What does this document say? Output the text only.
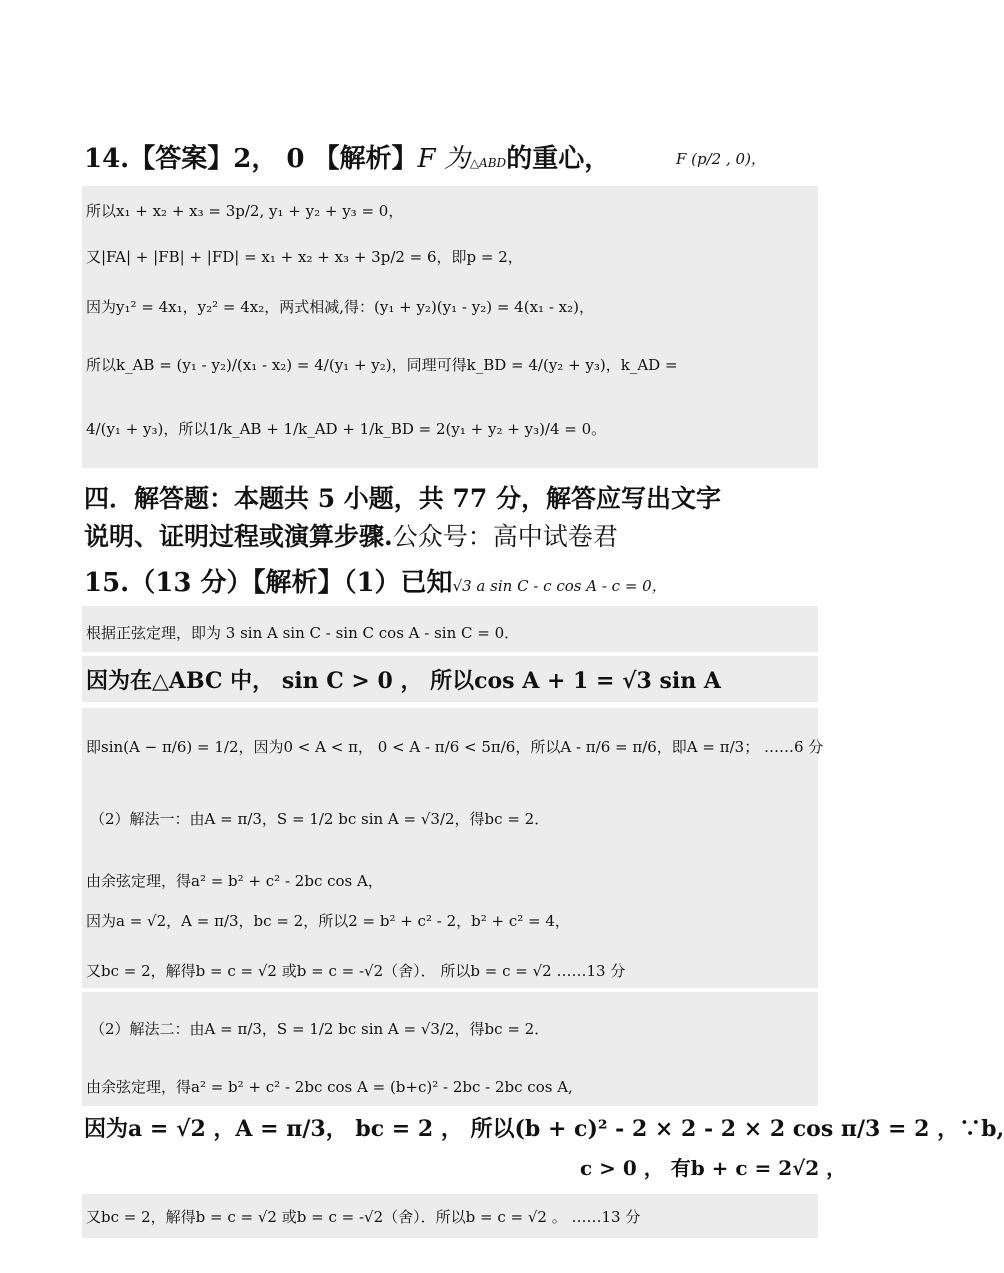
14.【答案】2， 0 【解析】F 为△ABD的重心，	F (p/2 , 0)，
所以x₁ + x₂ + x₃ = 3p/2, y₁ + y₂ + y₃ = 0，
又|FA| + |FB| + |FD| = x₁ + x₂ + x₃ + 3p/2 = 6，即p = 2，
因为y₁² = 4x₁，y₂² = 4x₂，两式相减,得：(y₁ + y₂)(y₁ - y₂) = 4(x₁ - x₂)，
所以k_AB = (y₁ - y₂)/(x₁ - x₂) = 4/(y₁ + y₂)，同理可得k_BD = 4/(y₂ + y₃)，k_AD =
4/(y₁ + y₃)，所以1/k_AB + 1/k_AD + 1/k_BD = 2(y₁ + y₂ + y₃)/4 = 0。
四．解答题：本题共 5 小题，共 77 分，解答应写出文字
说明、证明过程或演算步骤.公众号：高中试卷君
15.（13 分）【解析】（1）已知√3 a sin C - c cos A - c = 0，
根据正弦定理，即为 3 sin A sin C - sin C cos A - sin C = 0．
因为在△ABC 中， sin C > 0 ， 所以cos A + 1 = √3 sin A
即sin(A − π/6) = 1/2，因为0 < A < π， 0 < A - π/6 < 5π/6，所以A - π/6 = π/6，即A = π/3； ……6 分
（2）解法一：由A = π/3，S = 1/2 bc sin A = √3/2，得bc = 2．
由余弦定理，得a² = b² + c² - 2bc cos A，
因为a = √2，A = π/3，bc = 2，所以2 = b² + c² - 2，b² + c² = 4，
又bc = 2，解得b = c = √2 或b = c = -√2（舍）． 所以b = c = √2 ……13 分
（2）解法二：由A = π/3，S = 1/2 bc sin A = √3/2，得bc = 2．
由余弦定理，得a² = b² + c² - 2bc cos A = (b+c)² - 2bc - 2bc cos A,
因为a = √2 ，A = π/3， bc = 2 ， 所以(b + c)² - 2 × 2 - 2 × 2 cos π/3 = 2 ，∵b,
c > 0 ， 有b + c = 2√2 ，
又bc = 2，解得b = c = √2 或b = c = -√2（舍）．所以b = c = √2 。 ……13 分
